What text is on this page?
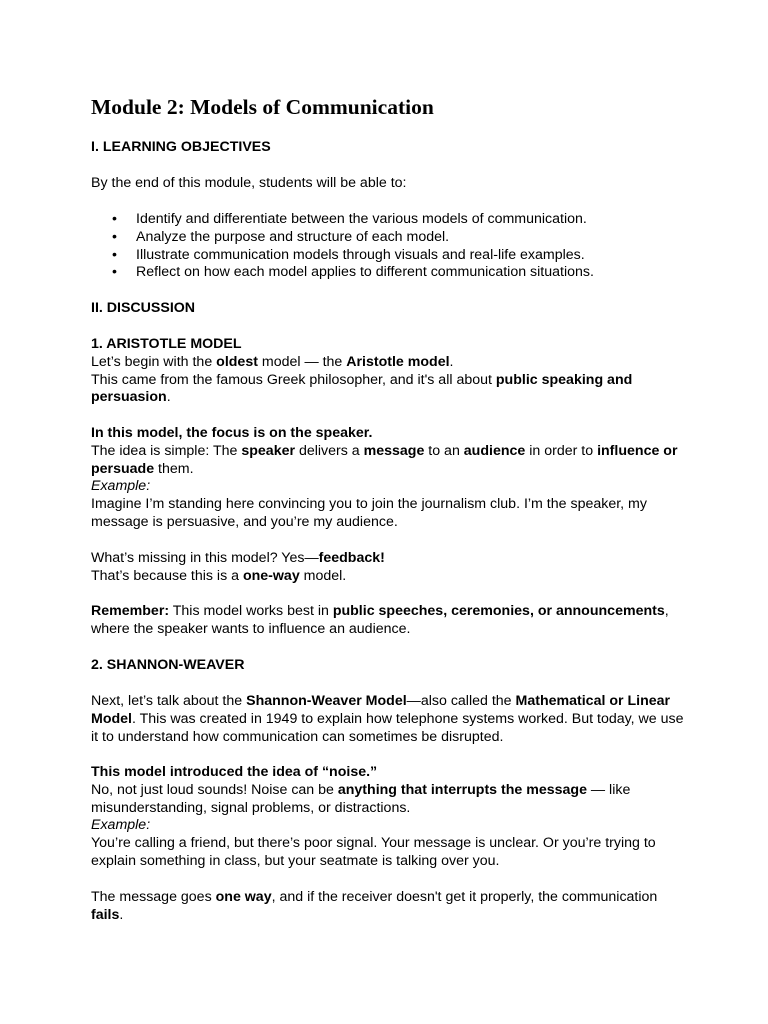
Module 2: Models of Communication

I. LEARNING OBJECTIVES

By the end of this module, students will be able to:

• Identify and differentiate between the various models of communication.
• Analyze the purpose and structure of each model.
• Illustrate communication models through visuals and real-life examples.
• Reflect on how each model applies to different communication situations.

II. DISCUSSION

1. ARISTOTLE MODEL

Let’s begin with the oldest model — the Aristotle model.

This came from the famous Greek philosopher, and it's all about public speaking and persuasion.

In this model, the focus is on the speaker.

The idea is simple: The speaker delivers a message to an audience in order to influence or persuade them.

Example:

Imagine I’m standing here convincing you to join the journalism club. I’m the speaker, my message is persuasive, and you’re my audience.

What’s missing in this model? Yes—feedback!

That’s because this is a one-way model.

Remember: This model works best in public speeches, ceremonies, or announcements, where the speaker wants to influence an audience.

2. SHANNON-WEAVER

Next, let’s talk about the Shannon-Weaver Model—also called the Mathematical or Linear Model. This was created in 1949 to explain how telephone systems worked. But today, we use it to understand how communication can sometimes be disrupted.

This model introduced the idea of “noise.”

No, not just loud sounds! Noise can be anything that interrupts the message — like misunderstanding, signal problems, or distractions.

Example:

You’re calling a friend, but there’s poor signal. Your message is unclear. Or you’re trying to explain something in class, but your seatmate is talking over you.

The message goes one way, and if the receiver doesn't get it properly, the communication fails.
